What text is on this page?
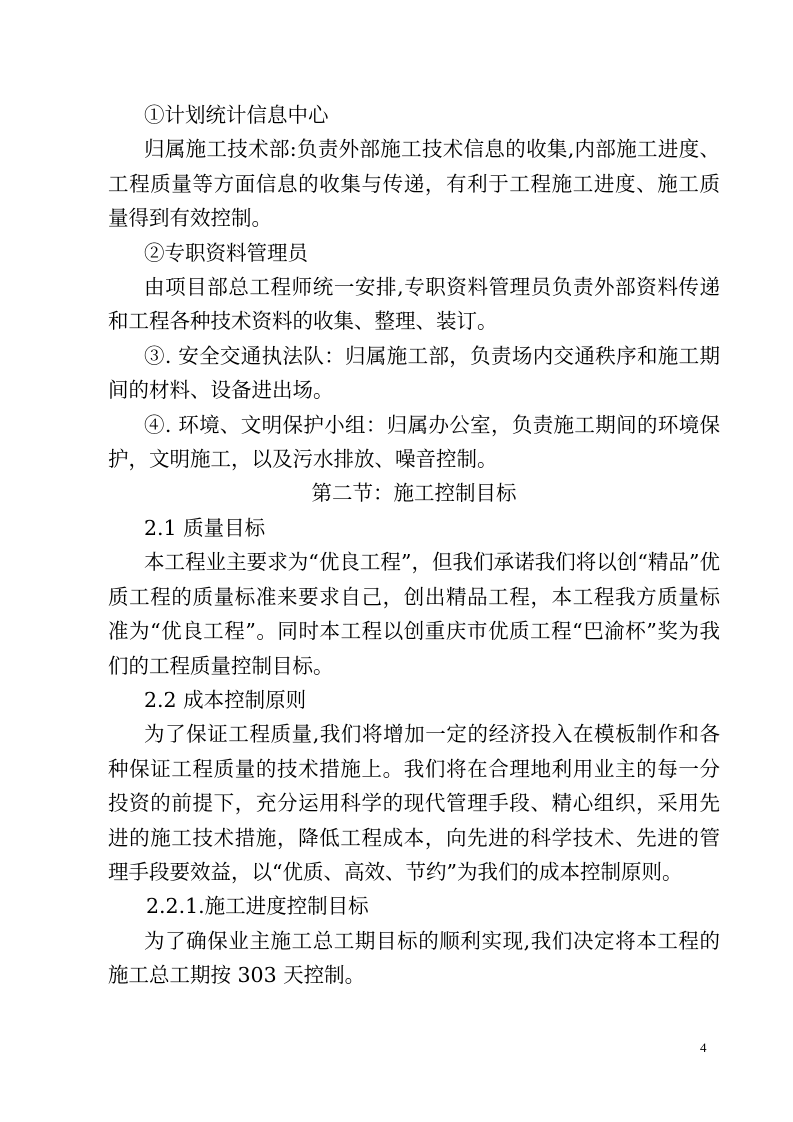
①计划统计信息中心

归属施工技术部:负责外部施工技术信息的收集,内部施工进度、工程质量等方面信息的收集与传递，有利于工程施工进度、施工质量得到有效控制。

②专职资料管理员

由项目部总工程师统一安排,专职资料管理员负责外部资料传递和工程各种技术资料的收集、整理、装订。

③. 安全交通执法队：归属施工部，负责场内交通秩序和施工期间的材料、设备进出场。

④. 环境、文明保护小组：归属办公室，负责施工期间的环境保护，文明施工，以及污水排放、噪音控制。

第二节：施工控制目标

2.1 质量目标

本工程业主要求为“优良工程”，但我们承诺我们将以创“精品”优质工程的质量标准来要求自己，创出精品工程，本工程我方质量标准为“优良工程”。同时本工程以创重庆市优质工程“巴渝杯”奖为我们的工程质量控制目标。

2.2 成本控制原则

为了保证工程质量,我们将增加一定的经济投入在模板制作和各种保证工程质量的技术措施上。我们将在合理地利用业主的每一分投资的前提下，充分运用科学的现代管理手段、精心组织，采用先进的施工技术措施，降低工程成本，向先进的科学技术、先进的管理手段要效益，以“优质、高效、节约”为我们的成本控制原则。

2.2.1.施工进度控制目标

为了确保业主施工总工期目标的顺利实现,我们决定将本工程的施工总工期按 303 天控制。

4
